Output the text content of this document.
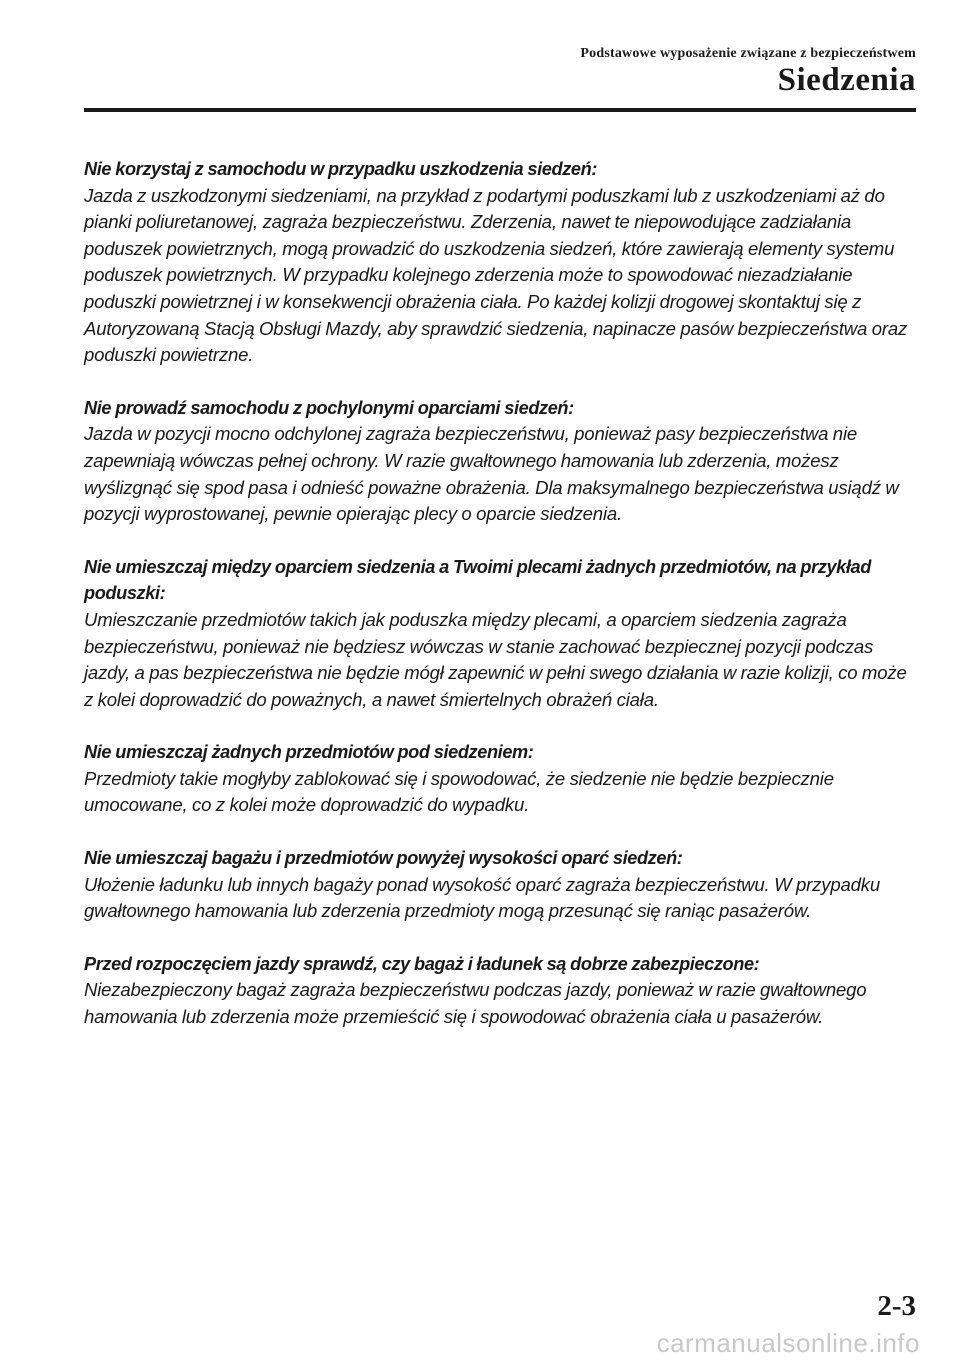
Podstawowe wyposażenie związane z bezpieczeństwem
Siedzenia

Nie korzystaj z samochodu w przypadku uszkodzenia siedzeń:

Jazda z uszkodzonymi siedzeniami, na przykład z podartymi poduszkami lub z uszkodzeniami aż do pianki poliuretanowej, zagraża bezpieczeństwu. Zderzenia, nawet te niepowodujące zadziałania poduszek powietrznych, mogą prowadzić do uszkodzenia siedzeń, które zawierają elementy systemu poduszek powietrznych. W przypadku kolejnego zderzenia może to spowodować niezadziałanie poduszki powietrznej i w konsekwencji obrażenia ciała. Po każdej kolizji drogowej skontaktuj się z Autoryzowaną Stacją Obsługi Mazdy, aby sprawdzić siedzenia, napinacze pasów bezpieczeństwa oraz poduszki powietrzne.

Nie prowadź samochodu z pochylonymi oparciami siedzeń:

Jazda w pozycji mocno odchylonej zagraża bezpieczeństwu, ponieważ pasy bezpieczeństwa nie zapewniają wówczas pełnej ochrony. W razie gwałtownego hamowania lub zderzenia, możesz wyślizgnąć się spod pasa i odnieść poważne obrażenia. Dla maksymalnego bezpieczeństwa usiądź w pozycji wyprostowanej, pewnie opierając plecy o oparcie siedzenia.

Nie umieszczaj między oparciem siedzenia a Twoimi plecami żadnych przedmiotów, na przykład poduszki:

Umieszczanie przedmiotów takich jak poduszka między plecami, a oparciem siedzenia zagraża bezpieczeństwu, ponieważ nie będziesz wówczas w stanie zachować bezpiecznej pozycji podczas jazdy, a pas bezpieczeństwa nie będzie mógł zapewnić w pełni swego działania w razie kolizji, co może z kolei doprowadzić do poważnych, a nawet śmiertelnych obrażeń ciała.

Nie umieszczaj żadnych przedmiotów pod siedzeniem:

Przedmioty takie mogłyby zablokować się i spowodować, że siedzenie nie będzie bezpiecznie umocowane, co z kolei może doprowadzić do wypadku.

Nie umieszczaj bagażu i przedmiotów powyżej wysokości oparć siedzeń:

Ułożenie ładunku lub innych bagaży ponad wysokość oparć zagraża bezpieczeństwu. W przypadku gwałtownego hamowania lub zderzenia przedmioty mogą przesunąć się raniąc pasażerów.

Przed rozpoczęciem jazdy sprawdź, czy bagaż i ładunek są dobrze zabezpieczone:

Niezabezpieczony bagaż zagraża bezpieczeństwu podczas jazdy, ponieważ w razie gwałtownego hamowania lub zderzenia może przemieścić się i spowodować obrażenia ciała u pasażerów.

2-3
carmanualsonline.info
